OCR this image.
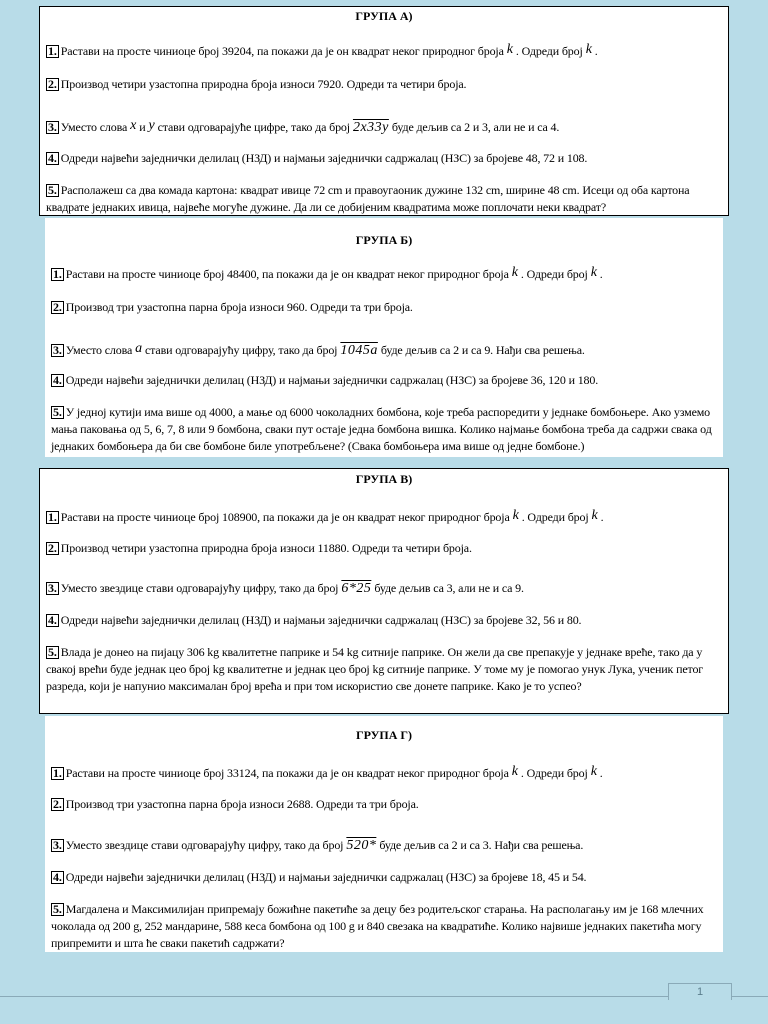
ГРУПА А)
1. Растави на просте чиниоце број 39204, па покажи да је он квадрат неког природног броја k . Одреди број k .
2. Производ четири узастопна природна броја износи 7920. Одреди та четири броја.
3. Уместо слова x и y стави одговарајуће цифре, тако да број 2x33y буде дељив са 2 и 3, али не и са 4.
4. Одреди највећи заједнички делилац (НЗД) и најмањи заједнички садржалац (НЗС) за бројеве 48, 72 и 108.
5. Располажеш са два комада картона: квадрат ивице 72 cm и правоугаоник дужине 132 cm, ширине 48 cm. Исеци од оба картона квадрате једнаких ивица, највеће могуће дужине. Да ли се добијеним квадратима може поплочати неки квадрат?
ГРУПА Б)
1. Растави на просте чиниоце број 48400, па покажи да је он квадрат неког природног броја k . Одреди број k .
2. Производ три узастопна парна броја износи 960. Одреди та три броја.
3. Уместо слова a стави одговарајућу цифру, тако да број 1045a буде дељив са 2 и са 9. Нађи сва решења.
4. Одреди највећи заједнички делилац (НЗД) и најмањи заједнички садржалац (НЗС) за бројеве 36, 120 и 180.
5. У једној кутији има више од 4000, а мање од 6000 чоколадних бомбона, које треба распоредити у једнаке бомбоњере. Ако узмемо мања паковања од 5, 6, 7, 8 или 9 бомбона, сваки пут остаје једна бомбона вишка. Колико најмање бомбона треба да садржи свака од једнаких бомбоњера да би све бомбоне биле употребљене? (Свака бомбоњера има више од једне бомбоне.)
ГРУПА В)
1. Растави на просте чиниоце број 108900, па покажи да је он квадрат неког природног броја k . Одреди број k .
2. Производ четири узастопна природна броја износи 11880. Одреди та четири броја.
3. Уместо звездице стави одговарајућу цифру, тако да број 6*25 буде дељив са 3, али не и са 9.
4. Одреди највећи заједнички делилац (НЗД) и најмањи заједнички садржалац (НЗС) за бројеве 32, 56 и 80.
5. Влада је донео на пијацу 306 kg квалитетне паприке и 54 kg ситније паприке. Он жели да све препакује у једнаке вреће, тако да у свакој врећи буде једнак цео број kg квалитетне и једнак цео број kg ситније паприке. У томе му је помогао унук Лука, ученик петог разреда, који је напунио максималан број врећа и при том искористио све донете паприке. Како је то успео?
ГРУПА Г)
1. Растави на просте чиниоце број 33124, па покажи да је он квадрат неког природног броја k . Одреди број k .
2. Производ три узастопна парна броја износи 2688. Одреди та три броја.
3. Уместо звездице стави одговарајућу цифру, тако да број 520* буде дељив са 2 и са 3. Нађи сва решења.
4. Одреди највећи заједнички делилац (НЗД) и најмањи заједнички садржалац (НЗС) за бројеве 18, 45 и 54.
5. Магдалена и Максимилијан припремају божићне пакетиће за децу без родитељског старања. На располагању им је 168 млечних чоколада од 200 g, 252 мандарине, 588 кеса бомбона од 100 g и 840 свезака на квадратиће. Колико највише једнаких пакетића могу припремити и шта ће сваки пакетић садржати?
1
